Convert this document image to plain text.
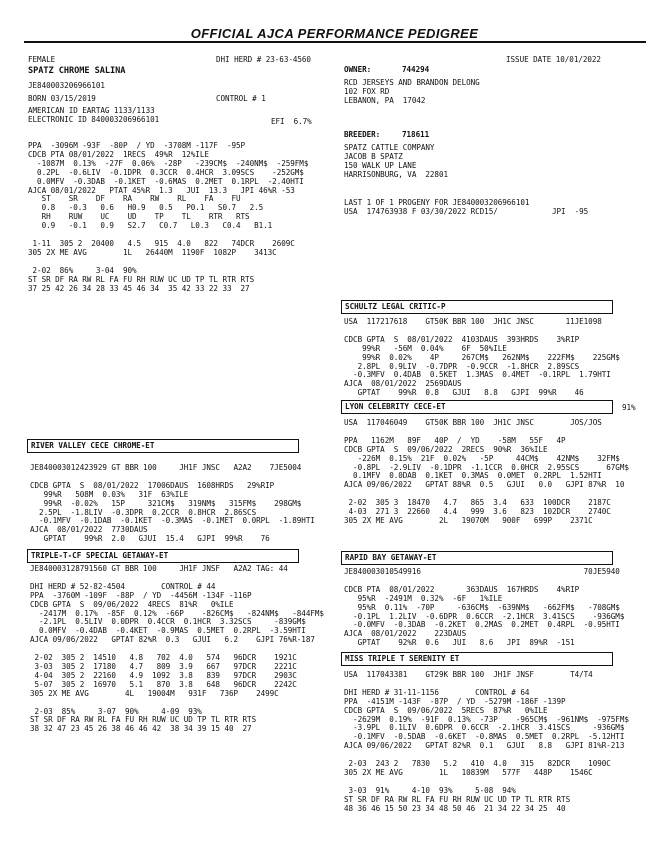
OFFICIAL AJCA PERFORMANCE PEDIGREE
FEMALE	DHI HERD # 23-63-4560	ISSUE DATE 10/01/2022
SPATZ CHROME SALINA
JE840003206966101
BORN 03/15/2019	CONTROL # 1
AMERICAN ID EARTAG 1133/1133
ELECTRONIC ID 840003206966101	EFI  6.7%
OWNER:	744294
RCD JERSEYS AND BRANDON DELONG
102 FOX RD
LEBANON, PA  17042
BREEDER:	718611
SPATZ CATTLE COMPANY
JACOB B SPATZ
150 WALK UP LANE
HARRISONBURG, VA  22801
LAST 1 OF 1 PROGENY FOR JE840003206966101
USA  174763938 F 03/30/2022 RCD15/            JPI  -95
PPA  -3096M -93F  -80P  / YD  -3708M -117F  -95P
CDCB PTA 08/01/2022  1RECS  49%R  12%ILE
-1087M  0.13%  -27F  0.06%  -28P   -239CM$  -240NM$  -259FM$
0.2PL  -0.6LIV  -0.1DPR  0.3CCR  0.4HCR  3.09SCS    -252GM$
0.0MFV  -0.3DAB  -0.1KET  -0.6MAS  0.2MET  0.1RPL  -2.40HTI
AJCA 08/01/2022   PTAT 45%R  1.3   JUI  13.3   JPI 46%R -53
ST    SR    DF    RA    RW    RL    FA    FU
0.8   -0.3   0.6   H0.9   0.5   P0.1   S0.7   2.5
RH    RUW    UC    UD    TP    TL    RTR   RTS
0.9   -0.1   0.9   S2.7   C0.7   L0.3   C0.4   B1.1

1-11  305 2  20400   4.5   915  4.0   822   74DCR    2609C
305 2X ME AVG        1L   26440M  1190F  1082P    3413C

2-02  86%     3-04  90%
ST SR DF RA RW RL FA FU RH RUW UC UD TP TL RTR RTS
37 25 42 26 34 28 33 45 46 34  35 42 33 22 33  27
SCHULTZ LEGAL CRITIC-P
USA  117217618    GT50K BBR 100  JH1C JNSC       11JE1098

CDCB GPTA  S  08/01/2022  4103DAUS  393HRDS    3%RIP
99%R   -56M  0.04%    6F  50%ILE
99%R  0.02%    4P     267CM$   262NM$    222FM$    225GM$
2.8PL  0.9LIV  -0.7DPR  -0.9CCR  -1.8HCR  2.89SCS
-0.3MFV  0.4DAB  0.5KET  1.3MAS  0.4MET  -0.1RPL  1.79HTI
AJCA  08/01/2022  2569DAUS
GPTAT    99%R  0.8   GJUI   8.8   GJPI  99%R    46
LYON CELEBRITY CECE-ET	91%
USA  117046049    GT50K BBR 100  JH1C JNSC        JOS/JOS

PPA   1162M   89F   40P  /  YD    -58M   55F   4P
CDCB GPTA  S  09/06/2022  2RECS  90%R  36%ILE
-226M  0.15%  21F  0.02%   -5P     44CM$    42NM$    32FM$
-0.8PL  -2.9LIV  -0.1DPR  -1.1CCR  0.0HCR  2.95SCS      67GM$
0.1MFV  0.0DAB  0.1KET  0.3MAS  0.0MET  0.2RPL  1.52HTI
AJCA 09/06/2022   GPTAT 88%R  0.5   GJUI   0.0   GJPI 87%R  10

2-02  305 3  18470   4.7   865  3.4   633  100DCR    2187C
4-03  271 3  22660   4.4   999  3.6   823  102DCR    2740C
305 2X ME AVG        2L   19070M   900F   699P    2371C
RIVER VALLEY CECE CHROME-ET
JE840003012423929 GT BBR 100     JH1F JNSC   A2A2    7JE5004

CDCB GPTA  S  08/01/2022  17006DAUS  1608HRDS   29%RIP
99%R   508M  0.03%   31F  63%ILE
99%R  -0.02%   15P     321CM$   319NM$   315FM$    298GM$
2.5PL  -1.8LIV  -0.3DPR  0.2CCR  0.8HCR  2.86SCS
-0.1MFV  -0.1DAB  -0.1KET  -0.3MAS  -0.1MET  0.0RPL  -1.89HTI
AJCA  08/01/2022  7730DAUS
GPTAT    99%R  2.0   GJUI  15.4   GJPI  99%R    76
TRIPLE-T-CF SPECIAL GETAWAY-ET
JE840003128791560 GT BBR 100     JH1F JNSF   A2A2 TAG: 44

DHI HERD # 52-82-4504        CONTROL # 44
PPA  -3760M -109F  -88P  / YD  -4456M -134F -116P
CDCB GPTA  S  09/06/2022  4RECS  81%R   0%ILE
-2417M  0.17%  -85F  0.12%  -66P    -826CM$   -824NM$   -844FM$
-2.1PL  0.5LIV  0.0DPR  0.4CCR  0.1HCR  3.32SCS     -839GM$
0.0MFV  -0.4DAB  -0.4KET  -0.9MAS  0.5MET  0.2RPL  -3.59HTI
AJCA 09/06/2022   GPTAT 82%R  0.3   GJUI   6.2    GJPI 76%R-187

2-02  305 2  14510   4.8   702  4.0   574   96DCR    1921C
3-03  305 2  17180   4.7   809  3.9   667   97DCR    2221C
4-04  305 2  22160   4.9  1092  3.8   839   97DCR    2903C
5-07  305 2  16970   5.1   870  3.8   648   96DCR    2242C
305 2X ME AVG        4L   19004M   931F   736P    2499C

2-03  85%     3-07  90%     4-09  93%
ST SR DF RA RW RL FA FU RH RUW UC UD TP TL RTR RTS
38 32 47 23 45 26 38 46 46 42  38 34 39 15 40  27
RAPID BAY GETAWAY-ET
JE840003010549916                                    70JE5940

CDCB PTA  08/01/2022       363DAUS  167HRDS    4%RIP
95%R  -2491M  0.32%  -6F   1%ILE
95%R  0.11%  -70P     -636CM$  -639NM$   -662FM$   -708GM$
-0.1PL  1.2LIV  -0.6DPR  0.6CCR  -2.1HCR  3.41SCS    -936GM$
-0.0MFV  -0.3DAB  -0.2KET  0.2MAS  0.2MET  0.4RPL  -0.95HTI
AJCA  08/01/2022    223DAUS
GPTAT    92%R  0.6   JUI   8.6   JPI  89%R  -151
MISS TRIPLE T SERENITY ET
USA  117043381    GT29K BBR 100  JH1F JNSF        T4/T4

DHI HERD # 31-11-1156        CONTROL # 64
PPA  -4151M -143F  -87P  / YD  -5279M -186F -139P
CDCB GPTA  S  09/06/2022  5RECS  87%R   0%ILE
-2629M  0.19%  -91F  0.13%  -73P    -965CM$  -961NM$  -975FM$
-3.9PL  0.1LIV  0.6DPR  0.6CCR  -2.1HCR  3.41SCS     -936GM$
-0.1MFV  -0.5DAB  -0.6KET  -0.8MAS  0.5MET  0.2RPL  -5.12HTI
AJCA 09/06/2022   GPTAT 82%R  0.1   GJUI   8.8   GJPI 81%R-213

2-03  243 2   7830   5.2   410  4.0   315   82DCR    1090C
305 2X ME AVG        1L   10839M   577F   448P    1546C

3-03  91%     4-10  93%     5-08  94%
ST SR DF RA RW RL FA FU RH RUW UC UD TP TL RTR RTS
48 36 46 15 50 23 34 48 50 46  21 34 22 34 25  40
